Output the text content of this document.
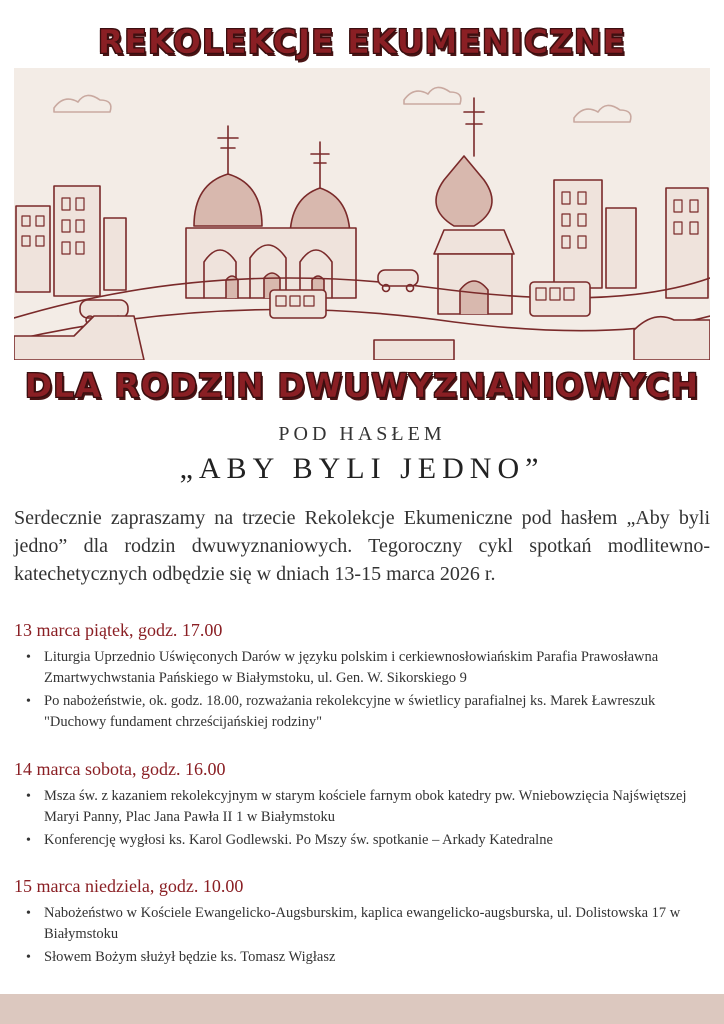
REKOLEKCJE EKUMENICZNE
DLA RODZIN DWUWYZNANIOWYCH
POD HASŁEM
„ABY BYLI JEDNO”
Serdecznie zapraszamy na trzecie Rekolekcje Ekumeniczne pod hasłem „Aby byli jedno” dla rodzin dwuwyznaniowych. Tegoroczny cykl spotkań modlitewno-katechetycznych odbędzie się w dniach 13-15 marca 2026 r.
13 marca piątek, godz. 17.00
• Liturgia Uprzednio Uświęconych Darów w języku polskim i cerkiewnosłowiańskim Parafia Prawosławna Zmartwychwstania Pańskiego w Białymstoku, ul. Gen. W. Sikorskiego 9
• Po nabożeństwie, ok. godz. 18.00, rozważania rekolekcyjne w świetlicy parafialnej ks. Marek Ławreszuk "Duchowy fundament chrześcijańskiej rodziny"
14 marca sobota, godz. 16.00
• Msza św. z kazaniem rekolekcyjnym w starym kościele farnym obok katedry pw. Wniebowzięcia Najświętszej Maryi Panny, Plac Jana Pawła II 1 w Białymstoku
• Konferencję wygłosi ks. Karol Godlewski. Po Mszy św. spotkanie – Arkady Katedralne
15 marca niedziela, godz. 10.00
• Nabożeństwo w Kościele Ewangelicko-Augsburskim, kaplica ewangelicko-augsburska, ul. Dolistowska 17 w Białymstoku
• Słowem Bożym służył będzie ks. Tomasz Wigłasz
